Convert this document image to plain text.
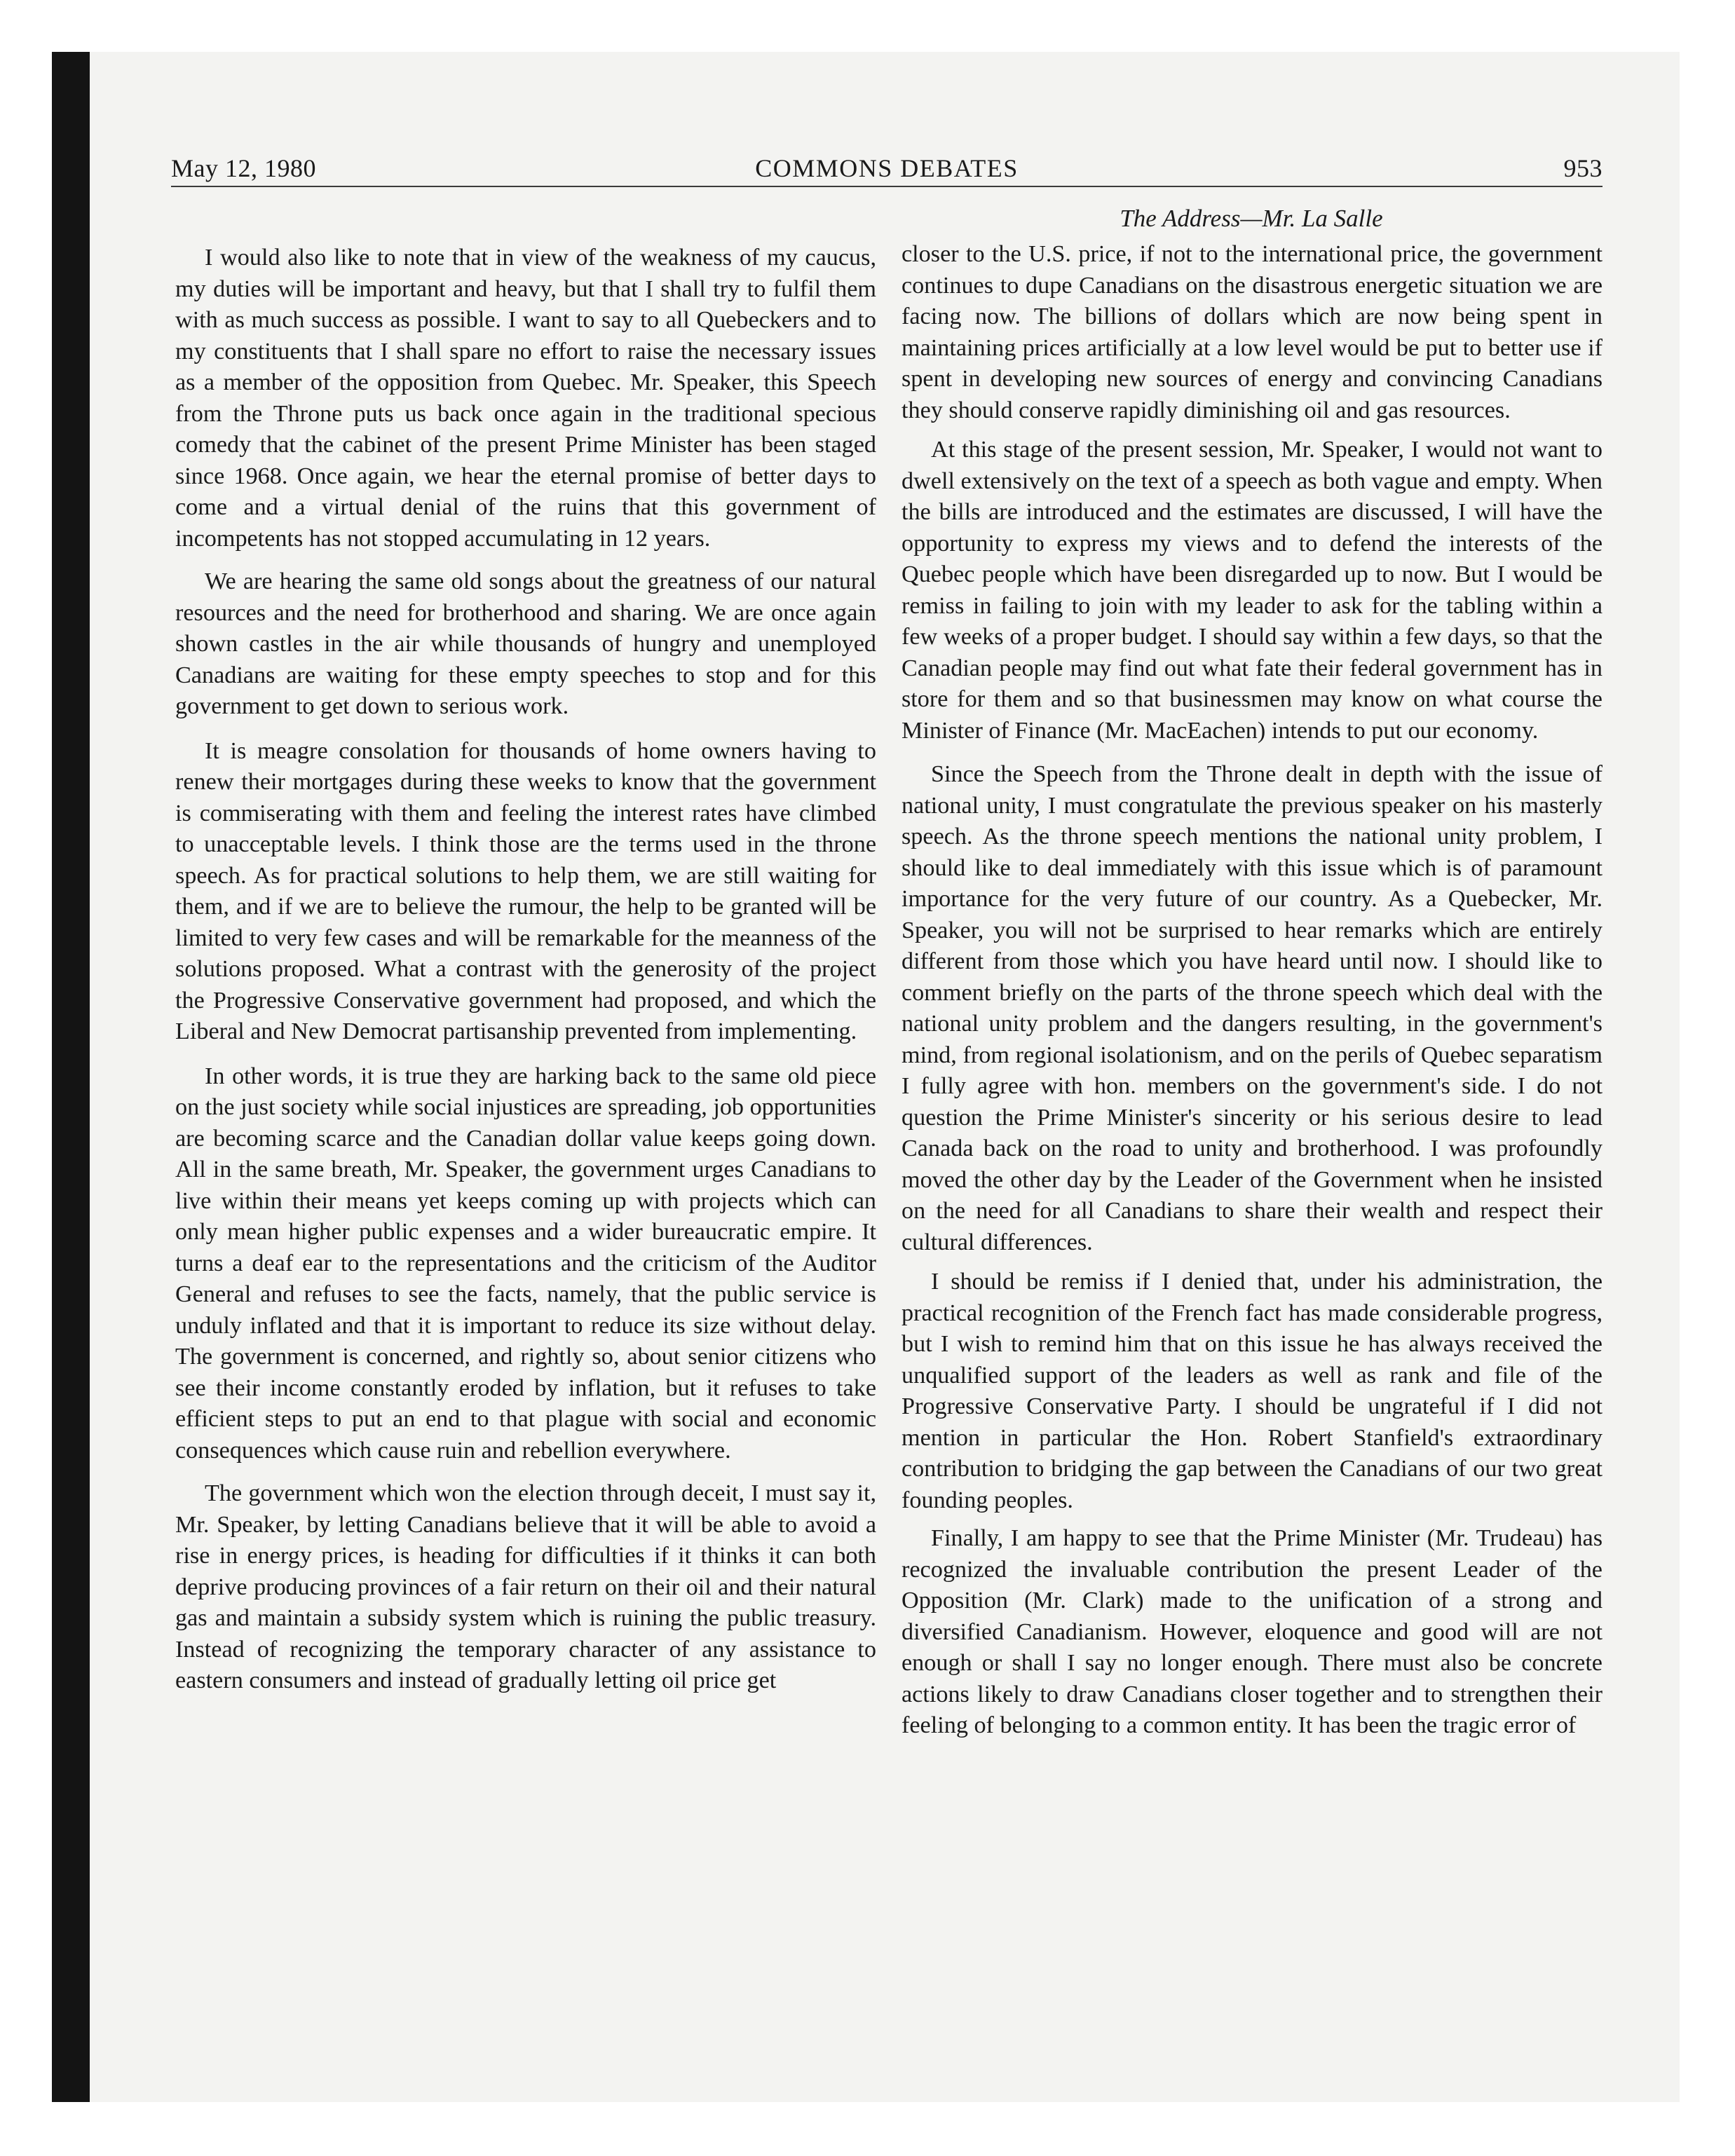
May 12, 1980	COMMONS DEBATES	953
The Address—Mr. La Salle

I would also like to note that in view of the weakness of my caucus, my duties will be important and heavy, but that I shall try to fulfil them with as much success as possible. I want to say to all Quebeckers and to my constituents that I shall spare no effort to raise the necessary issues as a member of the opposition from Quebec. Mr. Speaker, this Speech from the Throne puts us back once again in the traditional specious comedy that the cabinet of the present Prime Minister has been staged since 1968. Once again, we hear the eternal promise of better days to come and a virtual denial of the ruins that this government of incompetents has not stopped accumulating in 12 years.

We are hearing the same old songs about the greatness of our natural resources and the need for brotherhood and sharing. We are once again shown castles in the air while thousands of hungry and unemployed Canadians are waiting for these empty speeches to stop and for this government to get down to serious work.

It is meagre consolation for thousands of home owners having to renew their mortgages during these weeks to know that the government is commiserating with them and feeling the interest rates have climbed to unacceptable levels. I think those are the terms used in the throne speech. As for practical solutions to help them, we are still waiting for them, and if we are to believe the rumour, the help to be granted will be limited to very few cases and will be remarkable for the meanness of the solutions proposed. What a contrast with the generosity of the project the Progressive Conservative government had proposed, and which the Liberal and New Democrat partisanship prevented from implementing.

In other words, it is true they are harking back to the same old piece on the just society while social injustices are spreading, job opportunities are becoming scarce and the Canadian dollar value keeps going down. All in the same breath, Mr. Speaker, the government urges Canadians to live within their means yet keeps coming up with projects which can only mean higher public expenses and a wider bureaucratic empire. It turns a deaf ear to the representations and the criticism of the Auditor General and refuses to see the facts, namely, that the public service is unduly inflated and that it is important to reduce its size without delay. The government is concerned, and rightly so, about senior citizens who see their income constantly eroded by inflation, but it refuses to take efficient steps to put an end to that plague with social and economic consequences which cause ruin and rebellion everywhere.

The government which won the election through deceit, I must say it, Mr. Speaker, by letting Canadians believe that it will be able to avoid a rise in energy prices, is heading for difficulties if it thinks it can both deprive producing provinces of a fair return on their oil and their natural gas and maintain a subsidy system which is ruining the public treasury. Instead of recognizing the temporary character of any assistance to eastern consumers and instead of gradually letting oil price get

closer to the U.S. price, if not to the international price, the government continues to dupe Canadians on the disastrous energetic situation we are facing now. The billions of dollars which are now being spent in maintaining prices artificially at a low level would be put to better use if spent in developing new sources of energy and convincing Canadians they should conserve rapidly diminishing oil and gas resources.

At this stage of the present session, Mr. Speaker, I would not want to dwell extensively on the text of a speech as both vague and empty. When the bills are introduced and the estimates are discussed, I will have the opportunity to express my views and to defend the interests of the Quebec people which have been disregarded up to now. But I would be remiss in failing to join with my leader to ask for the tabling within a few weeks of a proper budget. I should say within a few days, so that the Canadian people may find out what fate their federal government has in store for them and so that businessmen may know on what course the Minister of Finance (Mr. MacEachen) intends to put our economy.

Since the Speech from the Throne dealt in depth with the issue of national unity, I must congratulate the previous speaker on his masterly speech. As the throne speech mentions the national unity problem, I should like to deal immediately with this issue which is of paramount importance for the very future of our country. As a Quebecker, Mr. Speaker, you will not be surprised to hear remarks which are entirely different from those which you have heard until now. I should like to comment briefly on the parts of the throne speech which deal with the national unity problem and the dangers resulting, in the government's mind, from regional isolationism, and on the perils of Quebec separatism I fully agree with hon. members on the government's side. I do not question the Prime Minister's sincerity or his serious desire to lead Canada back on the road to unity and brotherhood. I was profoundly moved the other day by the Leader of the Government when he insisted on the need for all Canadians to share their wealth and respect their cultural differences.

I should be remiss if I denied that, under his administration, the practical recognition of the French fact has made considerable progress, but I wish to remind him that on this issue he has always received the unqualified support of the leaders as well as rank and file of the Progressive Conservative Party. I should be ungrateful if I did not mention in particular the Hon. Robert Stanfield's extraordinary contribution to bridging the gap between the Canadians of our two great founding peoples.

Finally, I am happy to see that the Prime Minister (Mr. Trudeau) has recognized the invaluable contribution the present Leader of the Opposition (Mr. Clark) made to the unification of a strong and diversified Canadianism. However, eloquence and good will are not enough or shall I say no longer enough. There must also be concrete actions likely to draw Canadians closer together and to strengthen their feeling of belonging to a common entity. It has been the tragic error of
